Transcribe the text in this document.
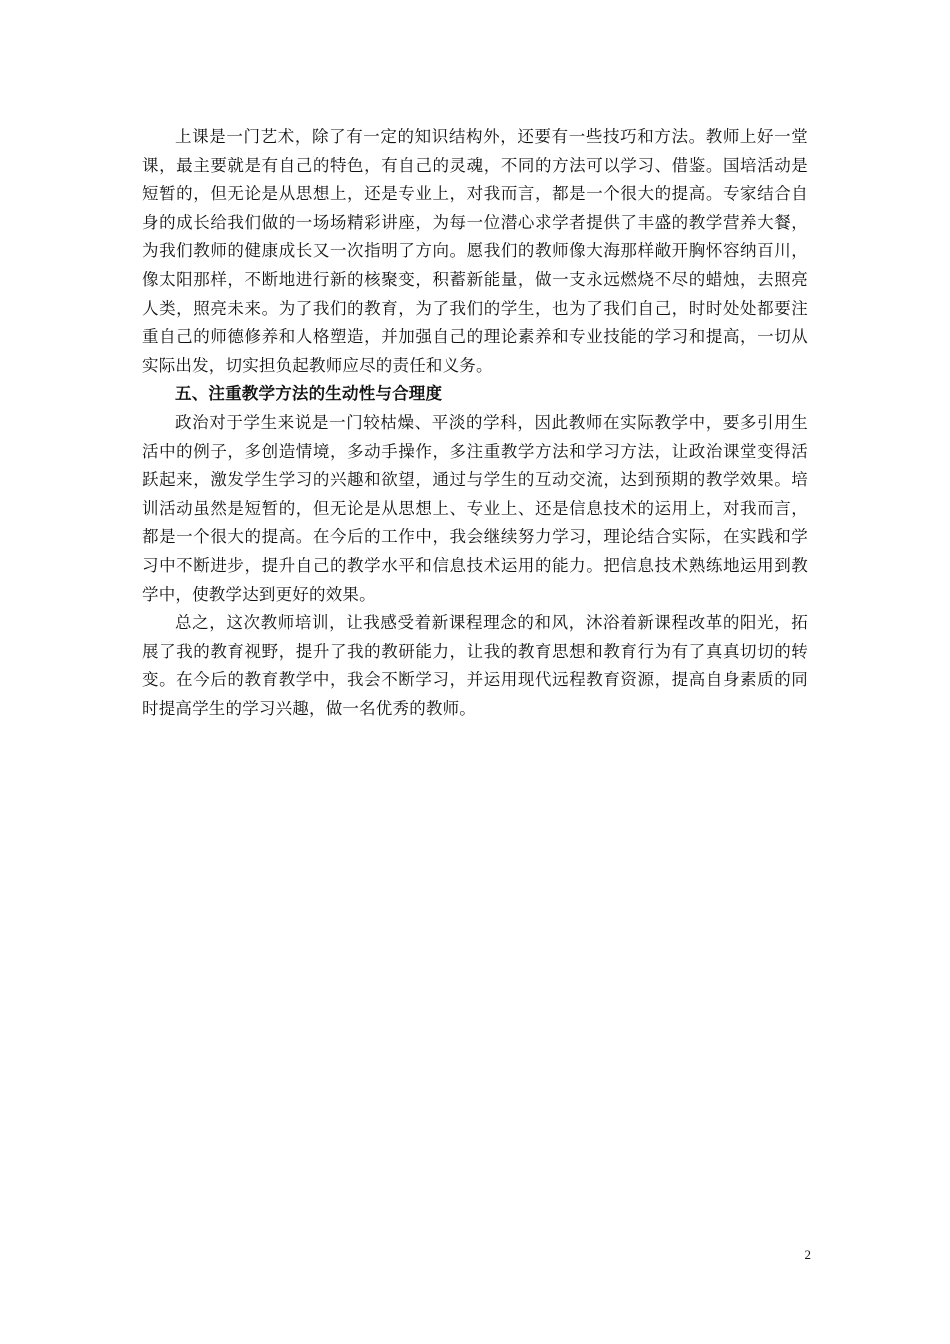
上课是一门艺术，除了有一定的知识结构外，还要有一些技巧和方法。教师上好一堂课，最主要就是有自己的特色，有自己的灵魂，不同的方法可以学习、借鉴。国培活动是短暂的，但无论是从思想上，还是专业上，对我而言，都是一个很大的提高。专家结合自身的成长给我们做的一场场精彩讲座，为每一位潜心求学者提供了丰盛的教学营养大餐，为我们教师的健康成长又一次指明了方向。愿我们的教师像大海那样敞开胸怀容纳百川，像太阳那样，不断地进行新的核聚变，积蓄新能量，做一支永远燃烧不尽的蜡烛，去照亮人类，照亮未来。为了我们的教育，为了我们的学生，也为了我们自己，时时处处都要注重自己的师德修养和人格塑造，并加强自己的理论素养和专业技能的学习和提高，一切从实际出发，切实担负起教师应尽的责任和义务。

五、注重教学方法的生动性与合理度

政治对于学生来说是一门较枯燥、平淡的学科，因此教师在实际教学中，要多引用生活中的例子，多创造情境，多动手操作，多注重教学方法和学习方法，让政治课堂变得活跃起来，激发学生学习的兴趣和欲望，通过与学生的互动交流，达到预期的教学效果。培训活动虽然是短暂的，但无论是从思想上、专业上、还是信息技术的运用上，对我而言，都是一个很大的提高。在今后的工作中，我会继续努力学习，理论结合实际，在实践和学习中不断进步，提升自己的教学水平和信息技术运用的能力。把信息技术熟练地运用到教学中，使教学达到更好的效果。

总之，这次教师培训，让我感受着新课程理念的和风，沐浴着新课程改革的阳光，拓展了我的教育视野，提升了我的教研能力，让我的教育思想和教育行为有了真真切切的转变。在今后的教育教学中，我会不断学习，并运用现代远程教育资源，提高自身素质的同时提高学生的学习兴趣，做一名优秀的教师。

2
